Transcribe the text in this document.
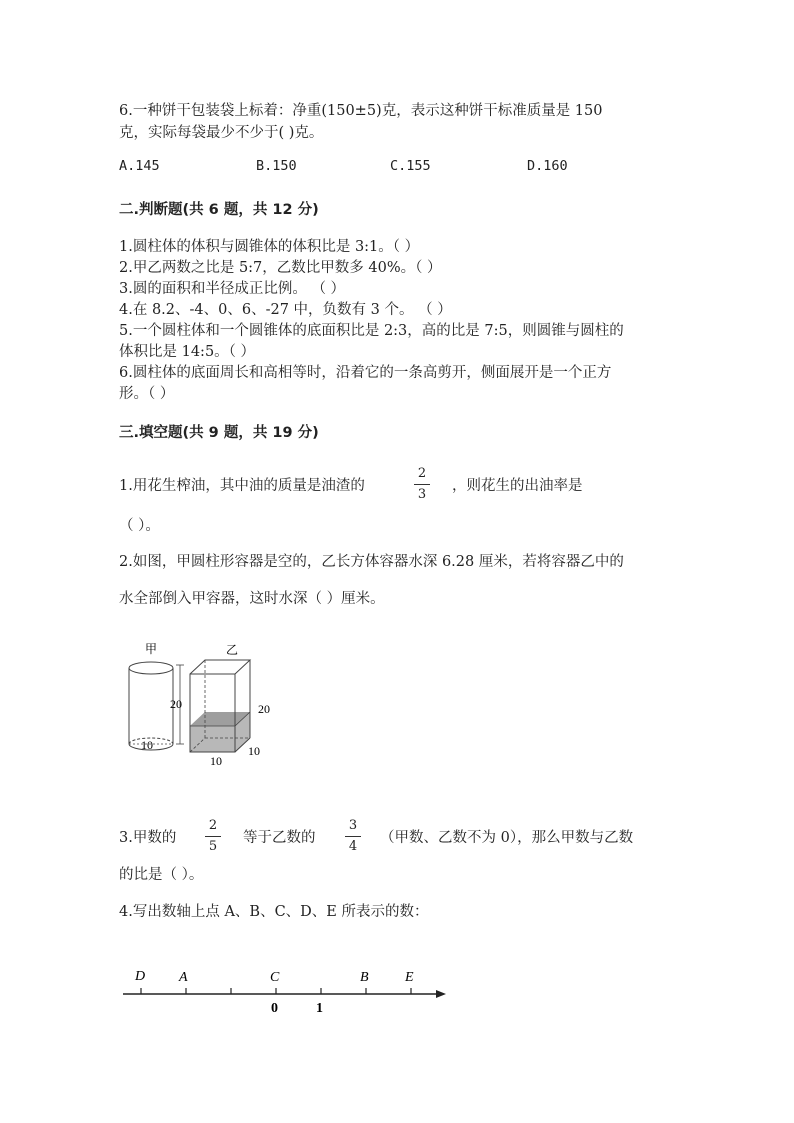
6.一种饼干包装袋上标着：净重(150±5)克，表示这种饼干标准质量是 150
克，实际每袋最少不少于( )克。
A.145	B.150	C.155	D.160
二.判断题(共 6 题，共 12 分)
1.圆柱体的体积与圆锥体的体积比是 3:1。（ ）
2.甲乙两数之比是 5:7，乙数比甲数多 40%。（ ）
3.圆的面积和半径成正比例。 （ ）
4.在 8.2、-4、0、6、-27 中，负数有 3 个。 （ ）
5.一个圆柱体和一个圆锥体的底面积比是 2:3，高的比是 7:5，则圆锥与圆柱的
体积比是 14:5。（ ）
6.圆柱体的底面周长和高相等时，沿着它的一条高剪开，侧面展开是一个正方
形。（ ）
三.填空题(共 9 题，共 19 分)
1.用花生榨油，其中油的质量是油渣的
2
3
，则花生的出油率是
（ ）。
2.如图，甲圆柱形容器是空的，乙长方体容器水深 6.28 厘米，若将容器乙中的
水全部倒入甲容器，这时水深（ ）厘米。
甲
10
20
乙
20
10
10
3.甲数的
2
5
等于乙数的
3
4
（甲数、乙数不为 0），那么甲数与乙数
的比是（ ）。
4.写出数轴上点 A、B、C、D、E 所表示的数：
D A	C	B	E
0	1
